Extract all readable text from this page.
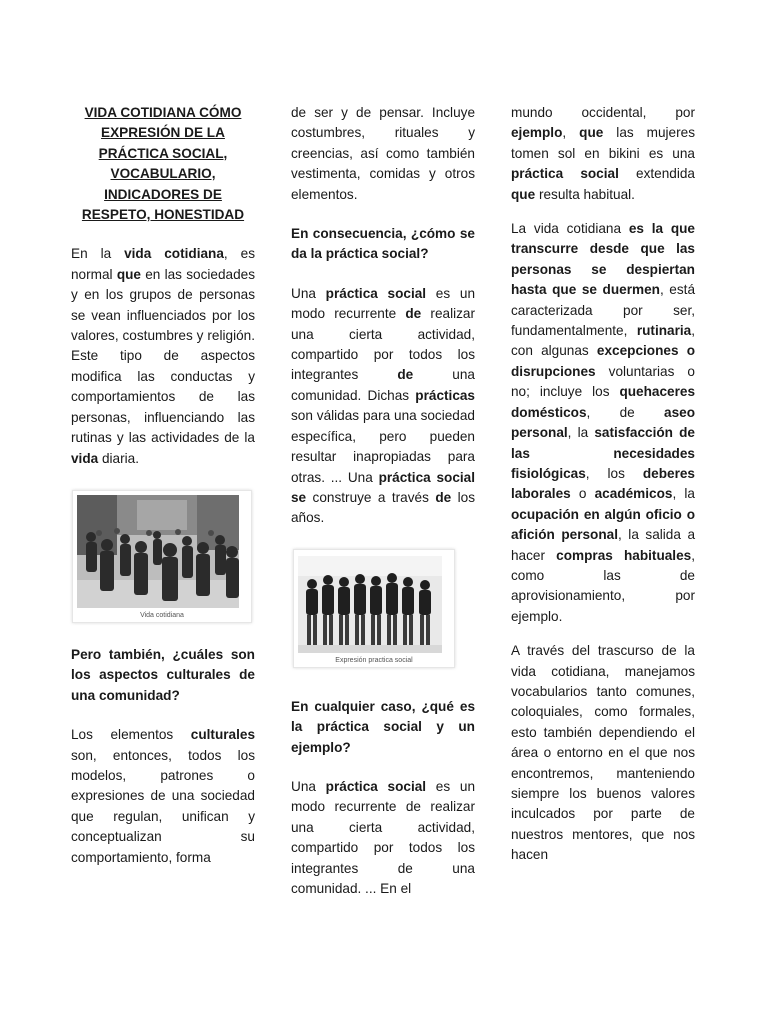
VIDA COTIDIANA CÓMO EXPRESIÓN DE LA PRÁCTICA SOCIAL, VOCABULARIO, INDICADORES DE RESPETO, HONESTIDAD

En la vida cotidiana, es normal que en las sociedades y en los grupos de personas se vean influenciados por los valores, costumbres y religión. Este tipo de aspectos modifica las conductas y comportamientos de las personas, influenciando las rutinas y las actividades de la vida diaria.

Vida cotidiana

Pero también, ¿cuáles son los aspectos culturales de una comunidad?

Los elementos culturales son, entonces, todos los modelos, patrones o expresiones de una sociedad que regulan, unifican y conceptualizan su comportamiento, forma

de ser y de pensar. Incluye costumbres, rituales y creencias, así como también vestimenta, comidas y otros elementos.

En consecuencia, ¿cómo se da la práctica social?

Una práctica social es un modo recurrente de realizar una cierta actividad, compartido por todos los integrantes de una comunidad. Dichas prácticas son válidas para una sociedad específica, pero pueden resultar inapropiadas para otras. ... Una práctica social se construye a través de los años.

Expresión practica social

En cualquier caso, ¿qué es la práctica social y un ejemplo?

Una práctica social es un modo recurrente de realizar una cierta actividad, compartido por todos los integrantes de una comunidad. ... En el

mundo occidental, por ejemplo, que las mujeres tomen sol en bikini es una práctica social extendida que resulta habitual.

La vida cotidiana es la que transcurre desde que las personas se despiertan hasta que se duermen, está caracterizada por ser, fundamentalmente, rutinaria, con algunas excepciones o disrupciones voluntarias o no; incluye los quehaceres domésticos, de aseo personal, la satisfacción de las necesidades fisiológicas, los deberes laborales o académicos, la ocupación en algún oficio o afición personal, la salida a hacer compras habituales, como las de aprovisionamiento, por ejemplo.

A través del trascurso de la vida cotidiana, manejamos vocabularios tanto comunes, coloquiales, como formales, esto también dependiendo el área o entorno en el que nos encontremos, manteniendo siempre los buenos valores inculcados por parte de nuestros mentores, que nos hacen
